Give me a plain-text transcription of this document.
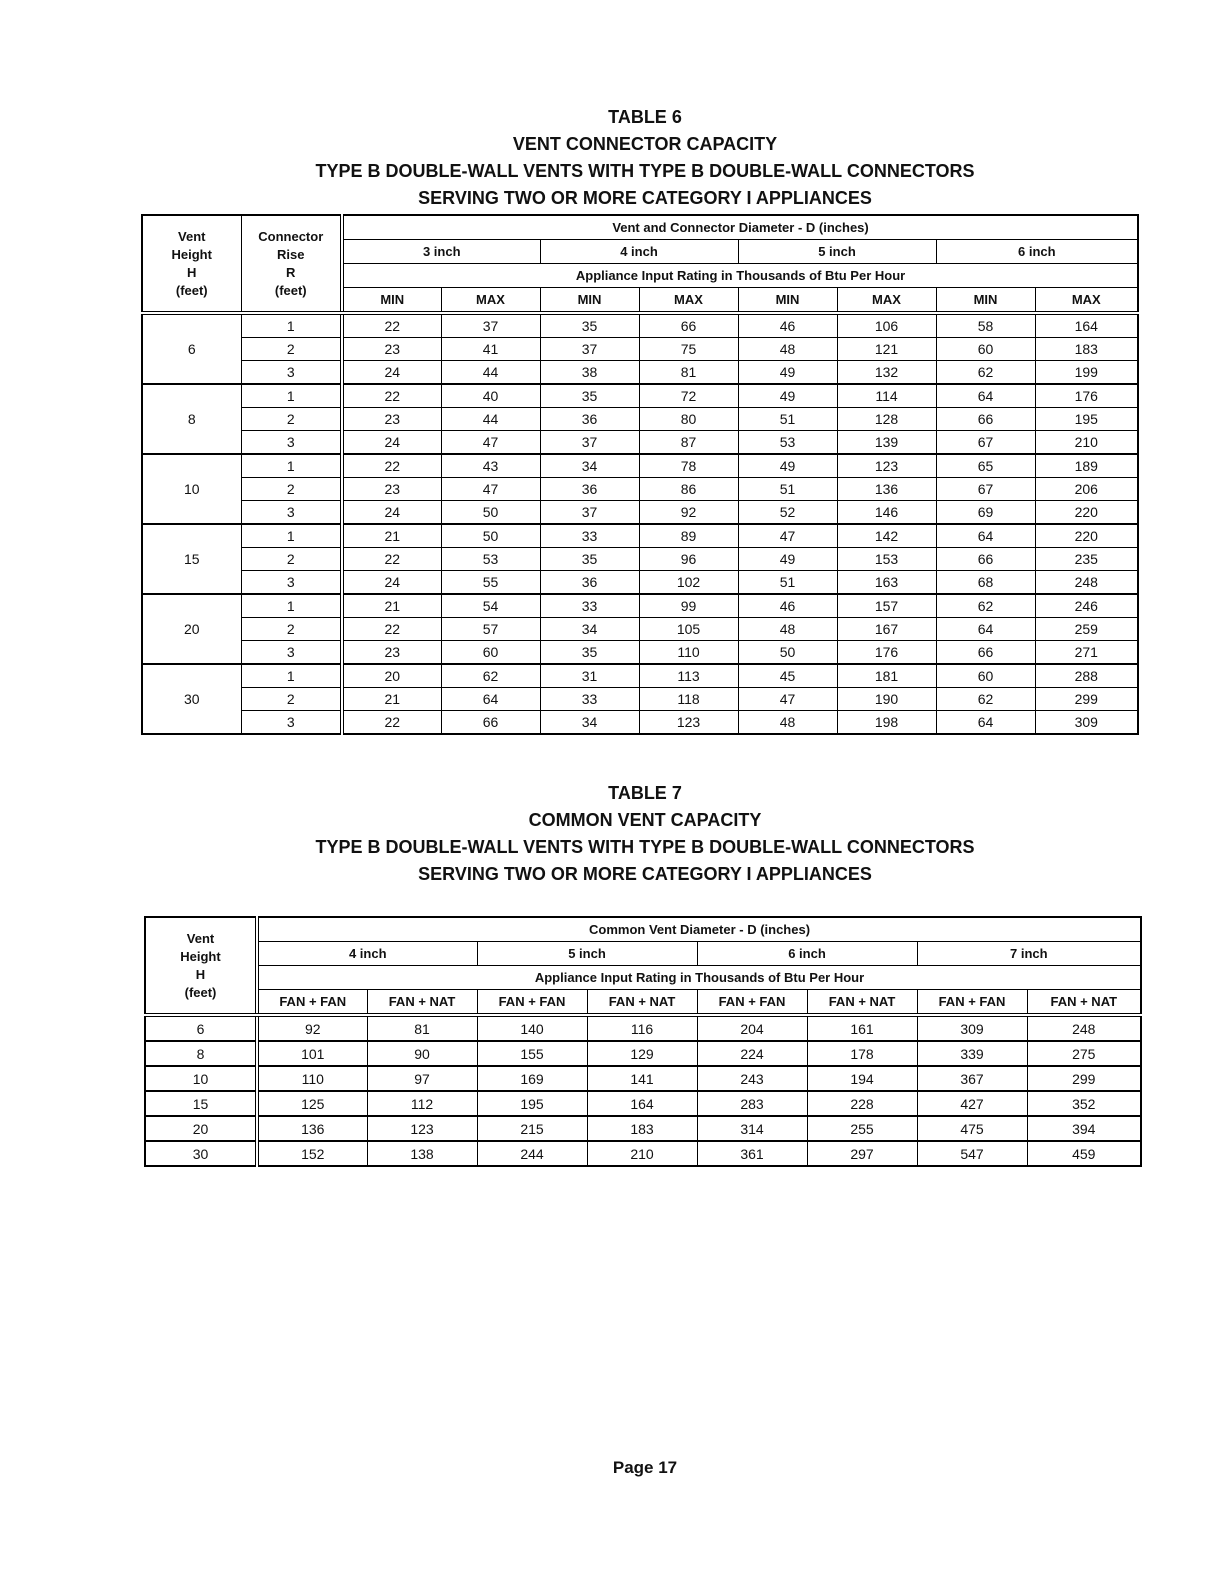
TABLE 6
VENT CONNECTOR CAPACITY
TYPE B DOUBLE-WALL VENTS WITH TYPE B DOUBLE-WALL CONNECTORS
SERVING TWO OR MORE CATEGORY I APPLIANCES
Vent
Height
H
(feet)	Connector
Rise
R
(feet)	Vent and Connector Diameter - D (inches)							
		3 inch		4 inch		5 inch		6 inch	
		Appliance Input Rating in Thousands of Btu Per Hour							
		MIN	MAX	MIN	MAX	MIN	MAX	MIN	MAX
6	1	22	37	35	66	46	106	58	164
	2	23	41	37	75	48	121	60	183
	3	24	44	38	81	49	132	62	199
8	1	22	40	35	72	49	114	64	176
	2	23	44	36	80	51	128	66	195
	3	24	47	37	87	53	139	67	210
10	1	22	43	34	78	49	123	65	189
	2	23	47	36	86	51	136	67	206
	3	24	50	37	92	52	146	69	220
15	1	21	50	33	89	47	142	64	220
	2	22	53	35	96	49	153	66	235
	3	24	55	36	102	51	163	68	248
20	1	21	54	33	99	46	157	62	246
	2	22	57	34	105	48	167	64	259
	3	23	60	35	110	50	176	66	271
30	1	20	62	31	113	45	181	60	288
	2	21	64	33	118	47	190	62	299
	3	22	66	34	123	48	198	64	309
TABLE 7
COMMON VENT CAPACITY
TYPE B DOUBLE-WALL VENTS WITH TYPE B DOUBLE-WALL CONNECTORS
SERVING TWO OR MORE CATEGORY I APPLIANCES
Vent
Height
H
(feet)	Common Vent Diameter - D (inches)							
	4 inch		5 inch		6 inch		7 inch	
	Appliance Input Rating in Thousands of Btu Per Hour							
	FAN + FAN	FAN + NAT	FAN + FAN	FAN + NAT	FAN + FAN	FAN + NAT	FAN + FAN	FAN + NAT
6	92	81	140	116	204	161	309	248
8	101	90	155	129	224	178	339	275
10	110	97	169	141	243	194	367	299
15	125	112	195	164	283	228	427	352
20	136	123	215	183	314	255	475	394
30	152	138	244	210	361	297	547	459
Page 17
